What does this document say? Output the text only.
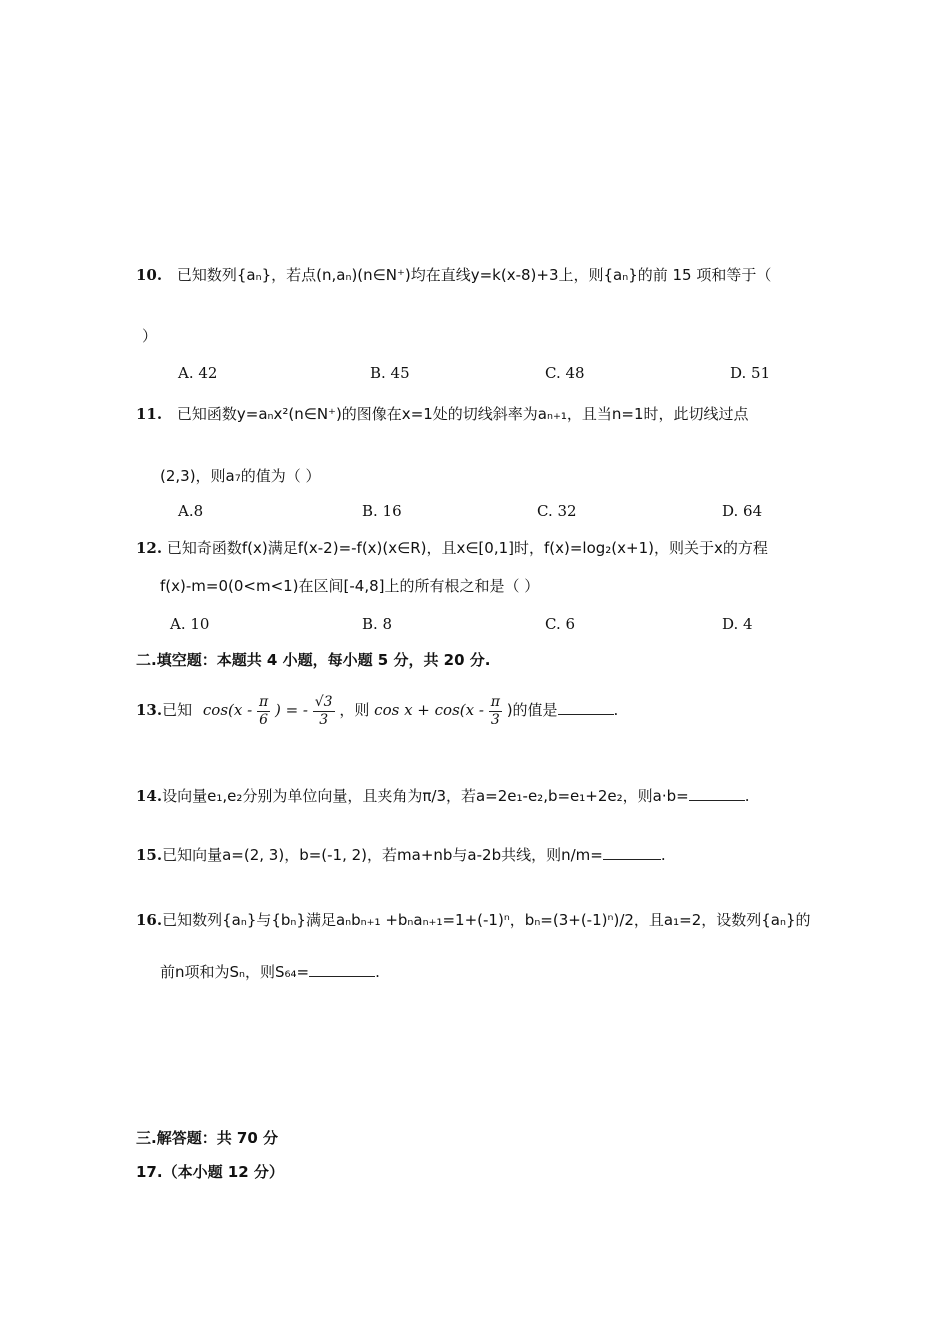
10. 已知数列{aₙ}，若点(n,aₙ)(n∈N⁺)均在直线y=k(x-8)+3上，则{aₙ}的前 15 项和等于（
）
A. 42	B. 45	C. 48	D. 51
11. 已知函数y=aₙx²(n∈N⁺)的图像在x=1处的切线斜率为aₙ₊₁，且当n=1时，此切线过点
(2,3)，则a₇的值为（ ）
A.8	B. 16	C. 32	D. 64
12. 已知奇函数f(x)满足f(x-2)=-f(x)(x∈R)，且x∈[0,1]时，f(x)=log₂(x+1)，则关于x的方程
f(x)-m=0(0<m<1)在区间[-4,8]上的所有根之和是（ ）
A. 10	B. 8	C. 6	D. 4
二.填空题：本题共 4 小题，每小题 5 分，共 20 分.
13.已知 $\cos(x - \frac{\pi}{6}$ ) = - $\frac{√3}{3}$ ，则 $\cos x + \cos(x - \frac{\pi}{3}$ )的值是	.
14.设向量e₁,e₂分别为单位向量，且夹角为π/3，若a=2e₁-e₂,b=e₁+2e₂，则a·b=	.
15.已知向量a=(2, 3)，b=(-1, 2)，若ma+nb与a-2b共线，则n/m=	.
16.已知数列{aₙ}与{bₙ}满足aₙbₙ₊₁ +bₙaₙ₊₁=1+(-1)ⁿ，bₙ=(3+(-1)ⁿ)/2，且a₁=2，设数列{aₙ}的
前n项和为Sₙ，则S₆₄=	.
三.解答题：共 70 分
17.（本小题 12 分）
